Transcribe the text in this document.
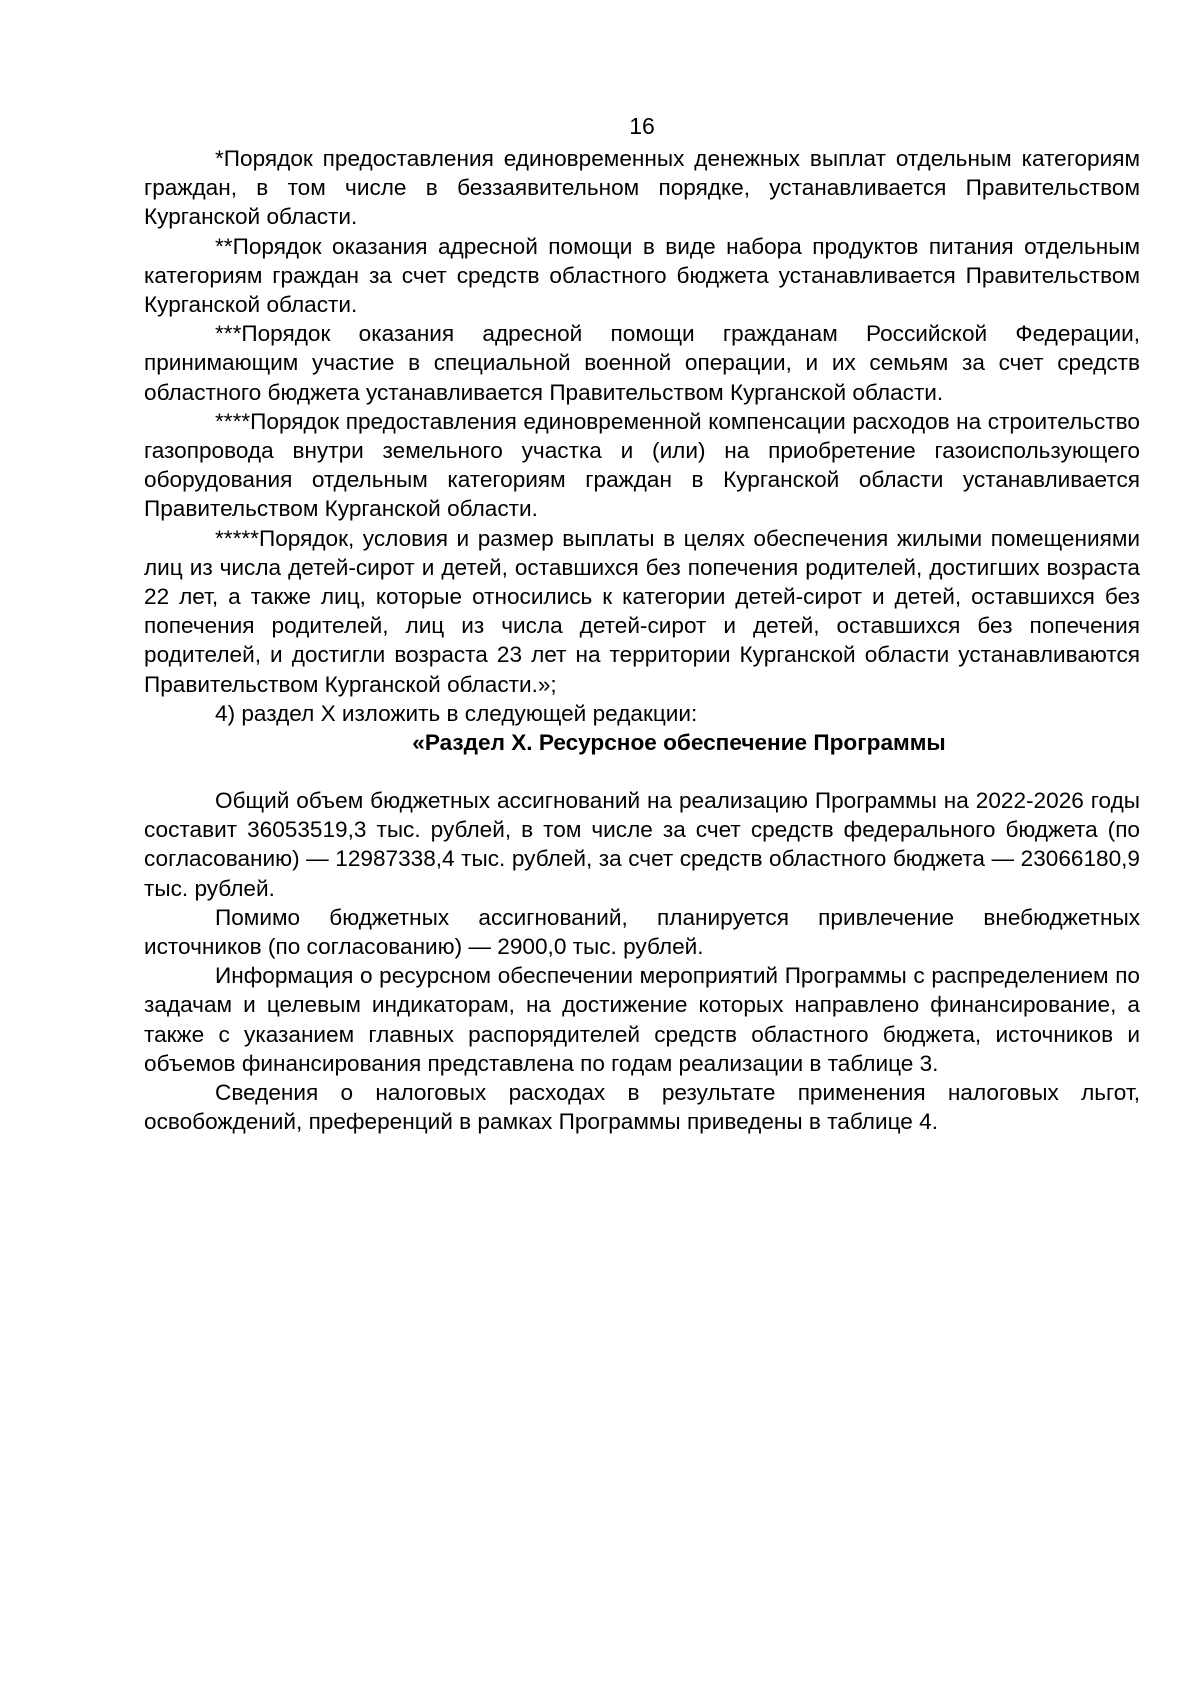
16

*Порядок предоставления единовременных денежных выплат отдельным категориям граждан, в том числе в беззаявительном порядке, устанавливается Правительством Курганской области.

**Порядок оказания адресной помощи в виде набора продуктов питания отдельным категориям граждан за счет средств областного бюджета устанавливается Правительством Курганской области.

***Порядок оказания адресной помощи гражданам Российской Федерации, принимающим участие в специальной военной операции, и их семьям за счет средств областного бюджета устанавливается Правительством Курганской области.

****Порядок предоставления единовременной компенсации расходов на строительство газопровода внутри земельного участка и (или) на приобретение газоиспользующего оборудования отдельным категориям граждан в Курганской области устанавливается Правительством Курганской области.

*****Порядок, условия и размер выплаты в целях обеспечения жилыми помещениями лиц из числа детей-сирот и детей, оставшихся без попечения родителей, достигших возраста 22 лет, а также лиц, которые относились к категории детей-сирот и детей, оставшихся без попечения родителей, лиц из числа детей-сирот и детей, оставшихся без попечения родителей, и достигли возраста 23 лет на территории Курганской области устанавливаются Правительством Курганской области.»;

4) раздел X изложить в следующей редакции:

«Раздел X. Ресурсное обеспечение Программы

Общий объем бюджетных ассигнований на реализацию Программы на 2022-2026 годы составит 36053519,3 тыс. рублей, в том числе за счет средств федерального бюджета (по согласованию) — 12987338,4 тыс. рублей, за счет средств областного бюджета — 23066180,9 тыс. рублей.

Помимо бюджетных ассигнований, планируется привлечение внебюджетных источников (по согласованию) — 2900,0 тыс. рублей.

Информация о ресурсном обеспечении мероприятий Программы с распределением по задачам и целевым индикаторам, на достижение которых направлено финансирование, а также с указанием главных распорядителей средств областного бюджета, источников и объемов финансирования представлена по годам реализации в таблице 3.

Сведения о налоговых расходах в результате применения налоговых льгот, освобождений, преференций в рамках Программы приведены в таблице 4.
